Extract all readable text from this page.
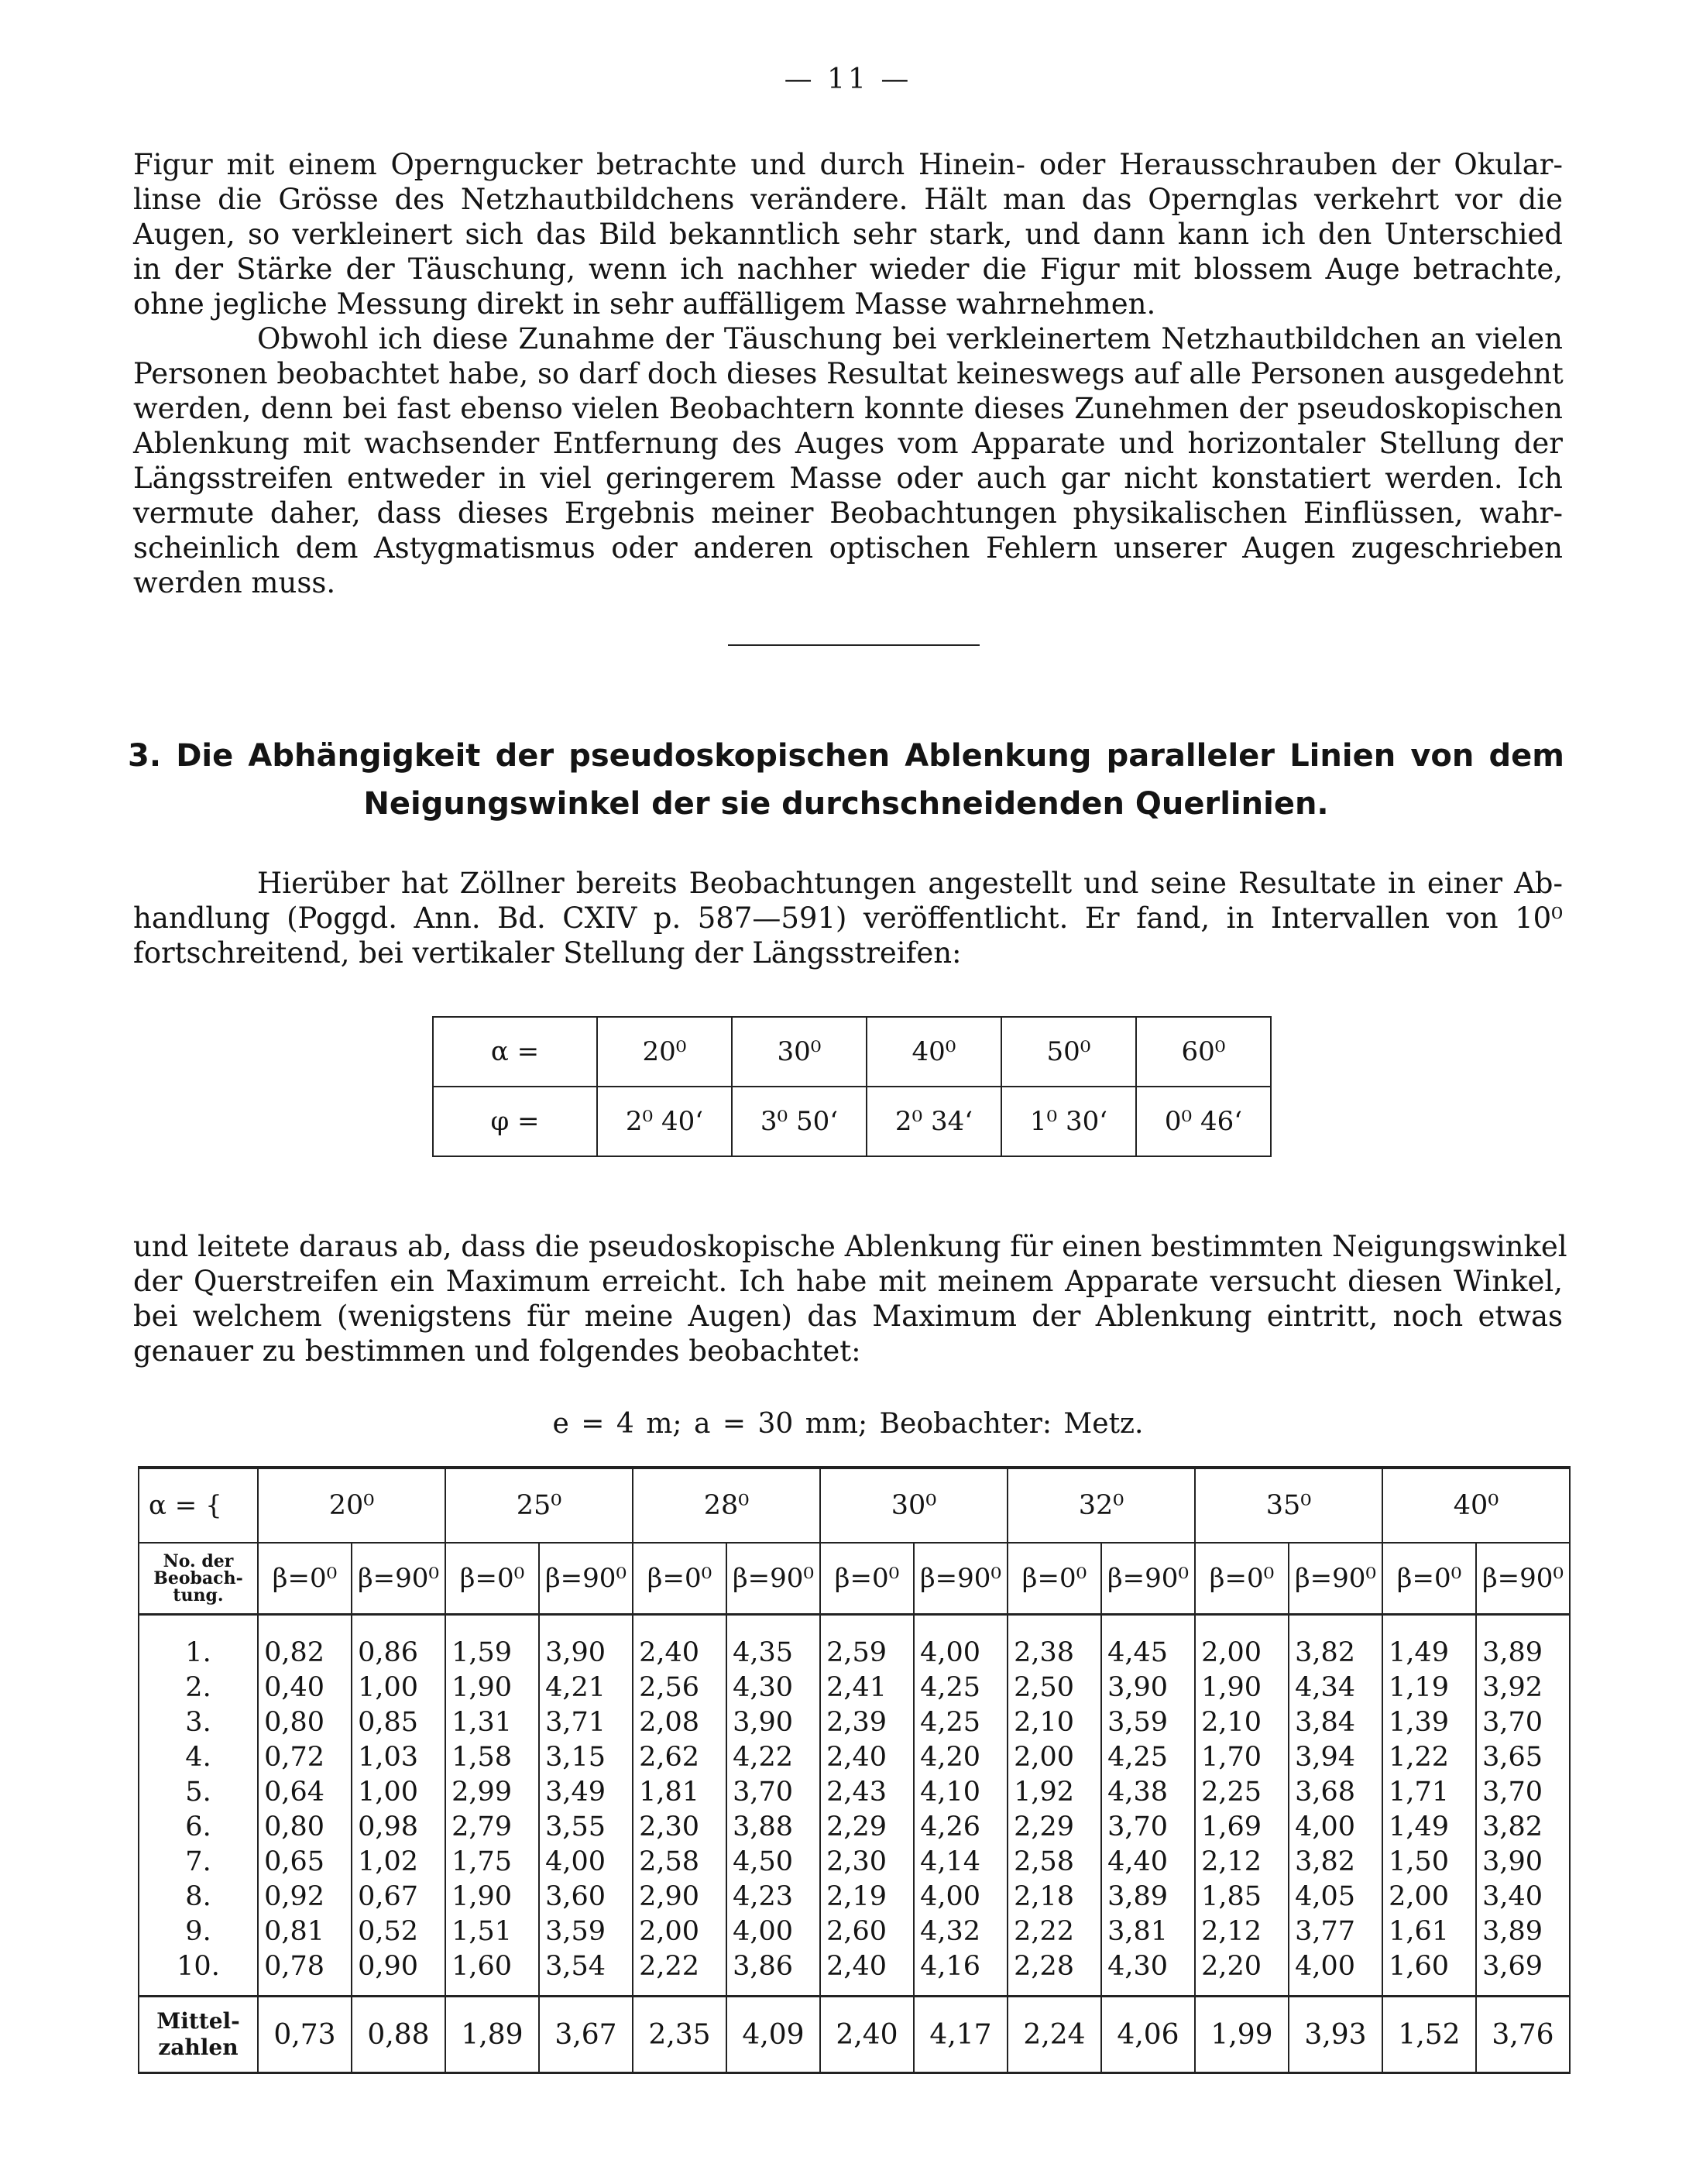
— 11 —
Figur mit einem Operngucker betrachte und durch Hinein- oder Herausschrauben der Okular-
linse die Grösse des Netzhautbildchens verändere. Hält man das Opernglas verkehrt vor die
Augen, so verkleinert sich das Bild bekanntlich sehr stark, und dann kann ich den Unterschied
in der Stärke der Täuschung, wenn ich nachher wieder die Figur mit blossem Auge betrachte,
ohne jegliche Messung direkt in sehr auffälligem Masse wahrnehmen.
Obwohl ich diese Zunahme der Täuschung bei verkleinertem Netzhautbildchen an vielen
Personen beobachtet habe, so darf doch dieses Resultat keineswegs auf alle Personen ausgedehnt
werden, denn bei fast ebenso vielen Beobachtern konnte dieses Zunehmen der pseudoskopischen
Ablenkung mit wachsender Entfernung des Auges vom Apparate und horizontaler Stellung der
Längsstreifen entweder in viel geringerem Masse oder auch gar nicht konstatiert werden. Ich
vermute daher, dass dieses Ergebnis meiner Beobachtungen physikalischen Einflüssen, wahr-
scheinlich dem Astygmatismus oder anderen optischen Fehlern unserer Augen zugeschrieben
werden muss.
3. Die Abhängigkeit der pseudoskopischen Ablenkung paralleler Linien von dem
Neigungswinkel der sie durchschneidenden Querlinien.
Hierüber hat Zöllner bereits Beobachtungen angestellt und seine Resultate in einer Ab-
handlung (Poggd. Ann. Bd. CXIV p. 587—591) veröffentlicht. Er fand, in Intervallen von 10⁰
fortschreitend, bei vertikaler Stellung der Längsstreifen:
α =	20⁰	30⁰	40⁰	50⁰	60⁰
φ =	2⁰ 40‘	3⁰ 50‘	2⁰ 34‘	1⁰ 30‘	0⁰ 46‘
und leitete daraus ab, dass die pseudoskopische Ablenkung für einen bestimmten Neigungswinkel
der Querstreifen ein Maximum erreicht. Ich habe mit meinem Apparate versucht diesen Winkel,
bei welchem (wenigstens für meine Augen) das Maximum der Ablenkung eintritt, noch etwas
genauer zu bestimmen und folgendes beobachtet:
e = 4 m; a = 30 mm; Beobachter: Metz.
α = {	20⁰		25⁰		28⁰		30⁰		32⁰		35⁰		40⁰	
No. der Beobach-tung.	β=0⁰	β=90⁰	β=0⁰	β=90⁰	β=0⁰	β=90⁰	β=0⁰	β=90⁰	β=0⁰	β=90⁰	β=0⁰	β=90⁰	β=0⁰	β=90⁰
1.	0,82	0,86	1,59	3,90	2,40	4,35	2,59	4,00	2,38	4,45	2,00	3,82	1,49	3,89
2.	0,40	1,00	1,90	4,21	2,56	4,30	2,41	4,25	2,50	3,90	1,90	4,34	1,19	3,92
3.	0,80	0,85	1,31	3,71	2,08	3,90	2,39	4,25	2,10	3,59	2,10	3,84	1,39	3,70
4.	0,72	1,03	1,58	3,15	2,62	4,22	2,40	4,20	2,00	4,25	1,70	3,94	1,22	3,65
5.	0,64	1,00	2,99	3,49	1,81	3,70	2,43	4,10	1,92	4,38	2,25	3,68	1,71	3,70
6.	0,80	0,98	2,79	3,55	2,30	3,88	2,29	4,26	2,29	3,70	1,69	4,00	1,49	3,82
7.	0,65	1,02	1,75	4,00	2,58	4,50	2,30	4,14	2,58	4,40	2,12	3,82	1,50	3,90
8.	0,92	0,67	1,90	3,60	2,90	4,23	2,19	4,00	2,18	3,89	1,85	4,05	2,00	3,40
9.	0,81	0,52	1,51	3,59	2,00	4,00	2,60	4,32	2,22	3,81	2,12	3,77	1,61	3,89
10.	0,78	0,90	1,60	3,54	2,22	3,86	2,40	4,16	2,28	4,30	2,20	4,00	1,60	3,69
Mittel-zahlen	0,73	0,88	1,89	3,67	2,35	4,09	2,40	4,17	2,24	4,06	1,99	3,93	1,52	3,76
